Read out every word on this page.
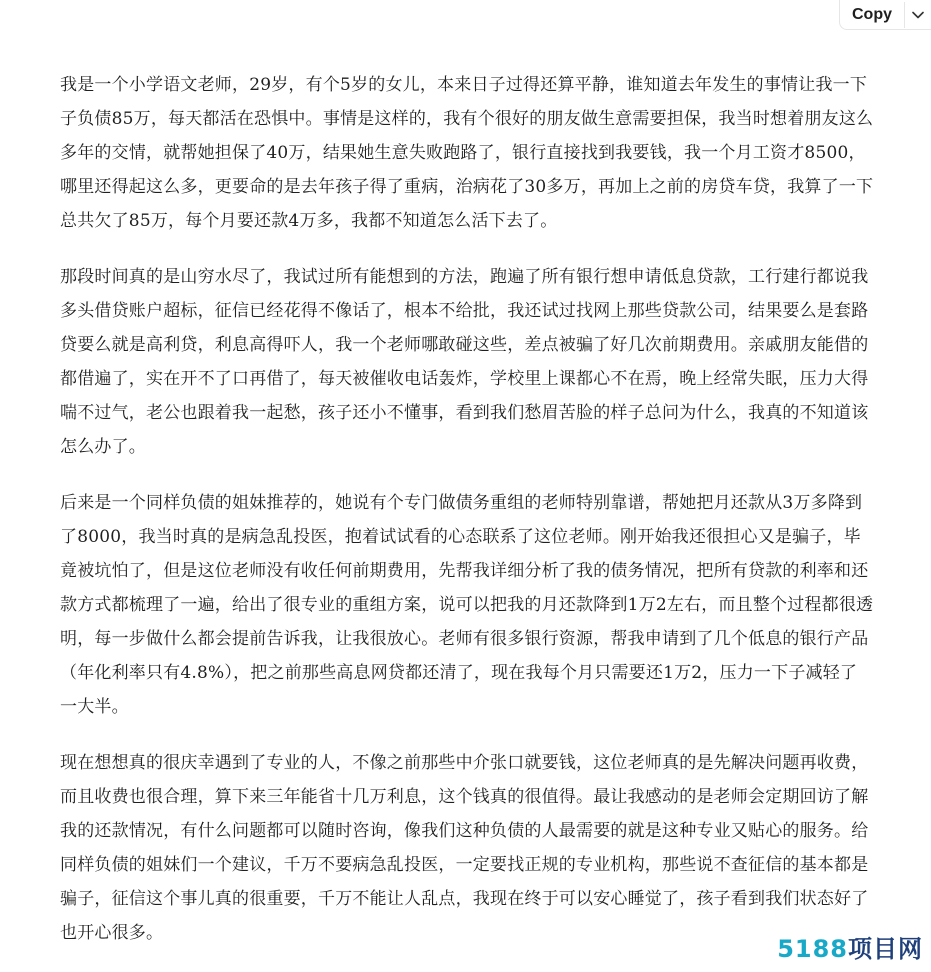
Copy

我是一个小学语文老师，29岁，有个5岁的女儿，本来日子过得还算平静，谁知道去年发生的事情让我一下子负债85万，每天都活在恐惧中。事情是这样的，我有个很好的朋友做生意需要担保，我当时想着朋友这么多年的交情，就帮她担保了40万，结果她生意失败跑路了，银行直接找到我要钱，我一个月工资才8500，哪里还得起这么多，更要命的是去年孩子得了重病，治病花了30多万，再加上之前的房贷车贷，我算了一下总共欠了85万，每个月要还款4万多，我都不知道怎么活下去了。

那段时间真的是山穷水尽了，我试过所有能想到的方法，跑遍了所有银行想申请低息贷款，工行建行都说我多头借贷账户超标，征信已经花得不像话了，根本不给批，我还试过找网上那些贷款公司，结果要么是套路贷要么就是高利贷，利息高得吓人，我一个老师哪敢碰这些，差点被骗了好几次前期费用。亲戚朋友能借的都借遍了，实在开不了口再借了，每天被催收电话轰炸，学校里上课都心不在焉，晚上经常失眠，压力大得喘不过气，老公也跟着我一起愁，孩子还小不懂事，看到我们愁眉苦脸的样子总问为什么，我真的不知道该怎么办了。

后来是一个同样负债的姐妹推荐的，她说有个专门做债务重组的老师特别靠谱，帮她把月还款从3万多降到了8000，我当时真的是病急乱投医，抱着试试看的心态联系了这位老师。刚开始我还很担心又是骗子，毕竟被坑怕了，但是这位老师没有收任何前期费用，先帮我详细分析了我的债务情况，把所有贷款的利率和还款方式都梳理了一遍，给出了很专业的重组方案，说可以把我的月还款降到1万2左右，而且整个过程都很透明，每一步做什么都会提前告诉我，让我很放心。老师有很多银行资源，帮我申请到了几个低息的银行产品（年化利率只有4.8%），把之前那些高息网贷都还清了，现在我每个月只需要还1万2，压力一下子减轻了一大半。

现在想想真的很庆幸遇到了专业的人，不像之前那些中介张口就要钱，这位老师真的是先解决问题再收费，而且收费也很合理，算下来三年能省十几万利息，这个钱真的很值得。最让我感动的是老师会定期回访了解我的还款情况，有什么问题都可以随时咨询，像我们这种负债的人最需要的就是这种专业又贴心的服务。给同样负债的姐妹们一个建议，千万不要病急乱投医，一定要找正规的专业机构，那些说不查征信的基本都是骗子，征信这个事儿真的很重要，千万不能让人乱点，我现在终于可以安心睡觉了，孩子看到我们状态好了也开心很多。

5188 项目网
